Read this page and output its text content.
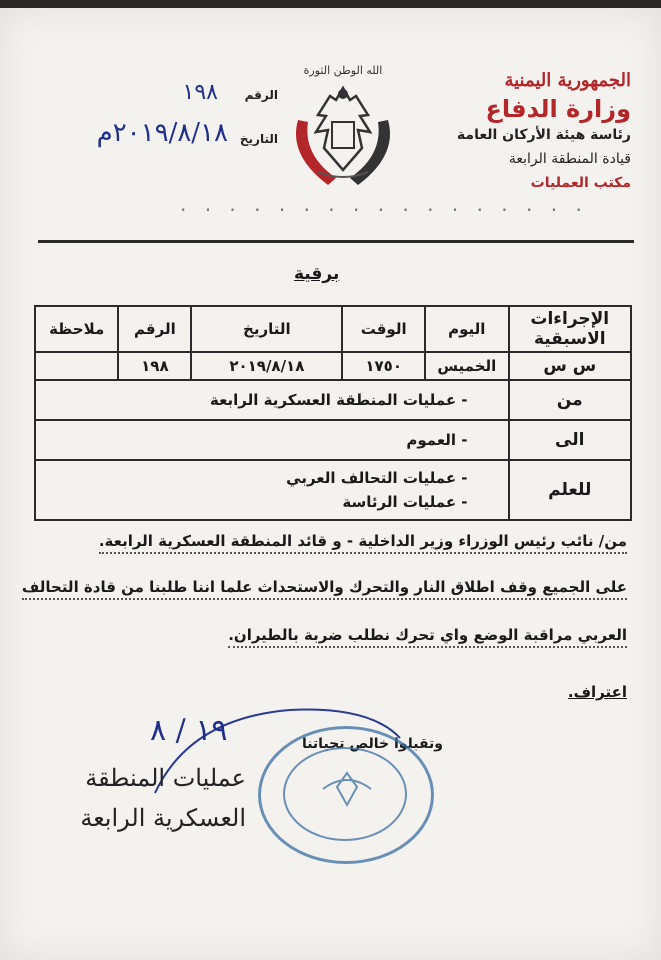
الجمهورية اليمنية
وزارة الدفاع
رئاسة هيئة الأركان العامة
قيادة المنطقة الرابعة
مكتب العمليات
الله الوطن الثورة
الرقم
١٩٨
التاريخ
٢٠١٩/٨/١٨م
· · · · · · · · · · · · · · · · ·
برقية
الإجراءات الاسبقية	اليوم	الوقت	التاريخ	الرقم	ملاحظة
س س	الخميس	١٧٥٠	٢٠١٩/٨/١٨	١٩٨	
من	- عمليات المنطقة العسكرية الرابعة				
الى	- العموم				
للعلم	- عمليات التحالف العربي
- عمليات الرئاسة				
من/ نائب رئيس الوزراء وزير الداخلية - و قائد المنطقة العسكرية الرابعة.
على الجميع وقف اطلاق النار والتحرك والاستحداث علما اننا طلبنا من قادة التحالف
العربي مراقبة الوضع واي تحرك نطلب ضربة بالطيران.
اعتراف.
وتقبلوا خالص تحياتنا
١٩ / ٨
عمليات المنطقة
العسكرية الرابعة
